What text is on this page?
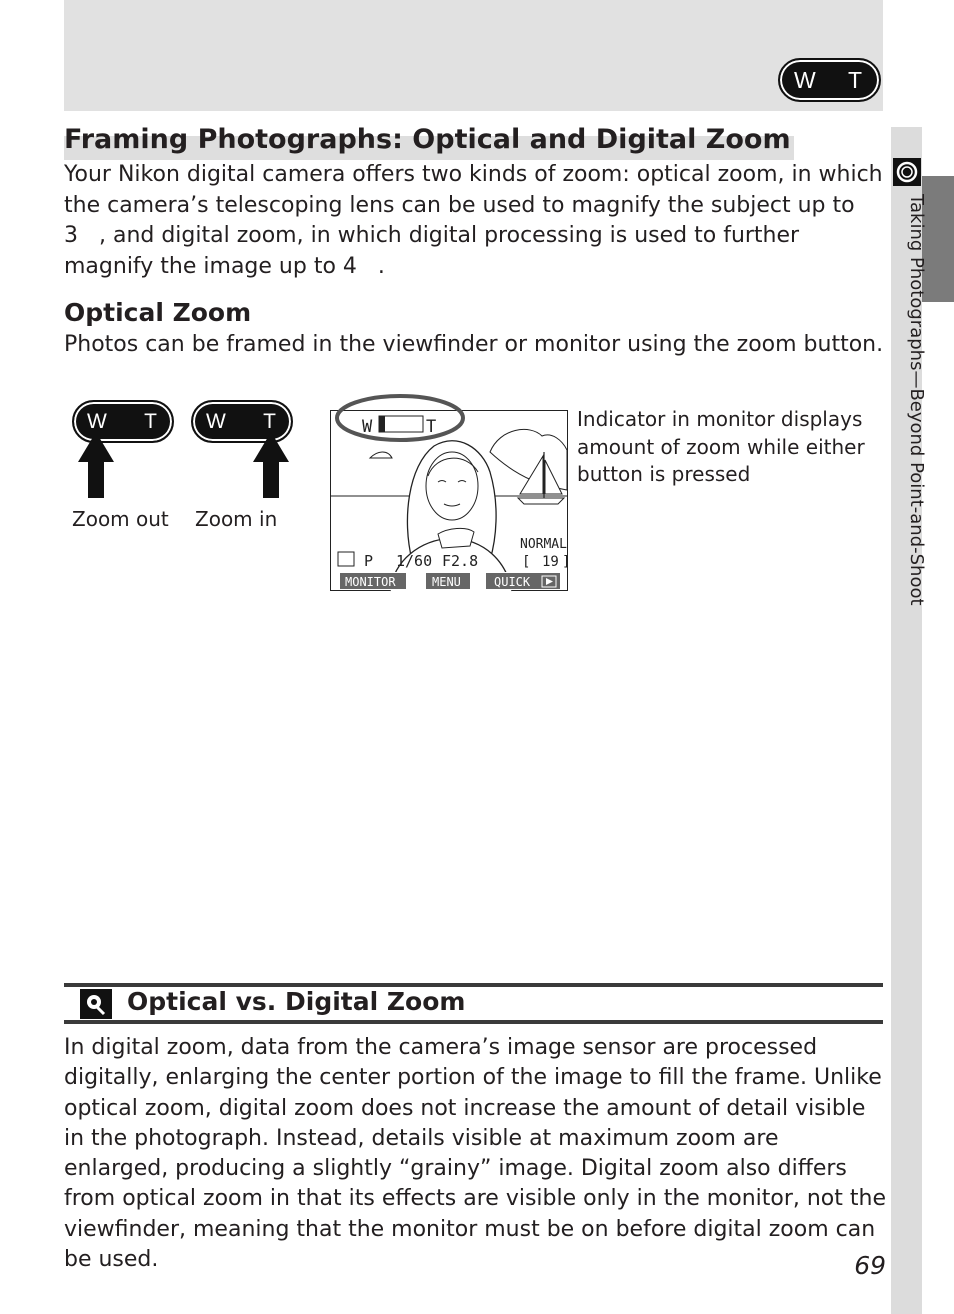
W T
Framing Photographs: Optical and Digital Zoom

Your Nikon digital camera offers two kinds of zoom: optical zoom, in which the camera’s telescoping lens can be used to magnify the subject up to 3   , and digital zoom, in which digital processing is used to further magnify the image up to 4   .

Optical Zoom

Photos can be framed in the viewfinder or monitor using the zoom button.

W T
Zoom out
W T
Zoom in
W	T
P 1/60 F2.8
NORMAL
[ 19 ]
MONITOR	MENU	QUICK

Indicator in monitor displays amount of zoom while either button is pressed	Taking Photographs—Beyond Point-and-Shoot
Optical vs. Digital Zoom

In digital zoom, data from the camera’s image sensor are processed digitally, enlarging the center portion of the image to fill the frame. Unlike optical zoom, digital zoom does not increase the amount of detail visible in the photograph. Instead, details visible at maximum zoom are enlarged, producing a slightly “grainy” image. Digital zoom also differs from optical zoom in that its effects are visible only in the monitor, not the viewfinder, meaning that the monitor must be on before digital zoom can be used.	69
